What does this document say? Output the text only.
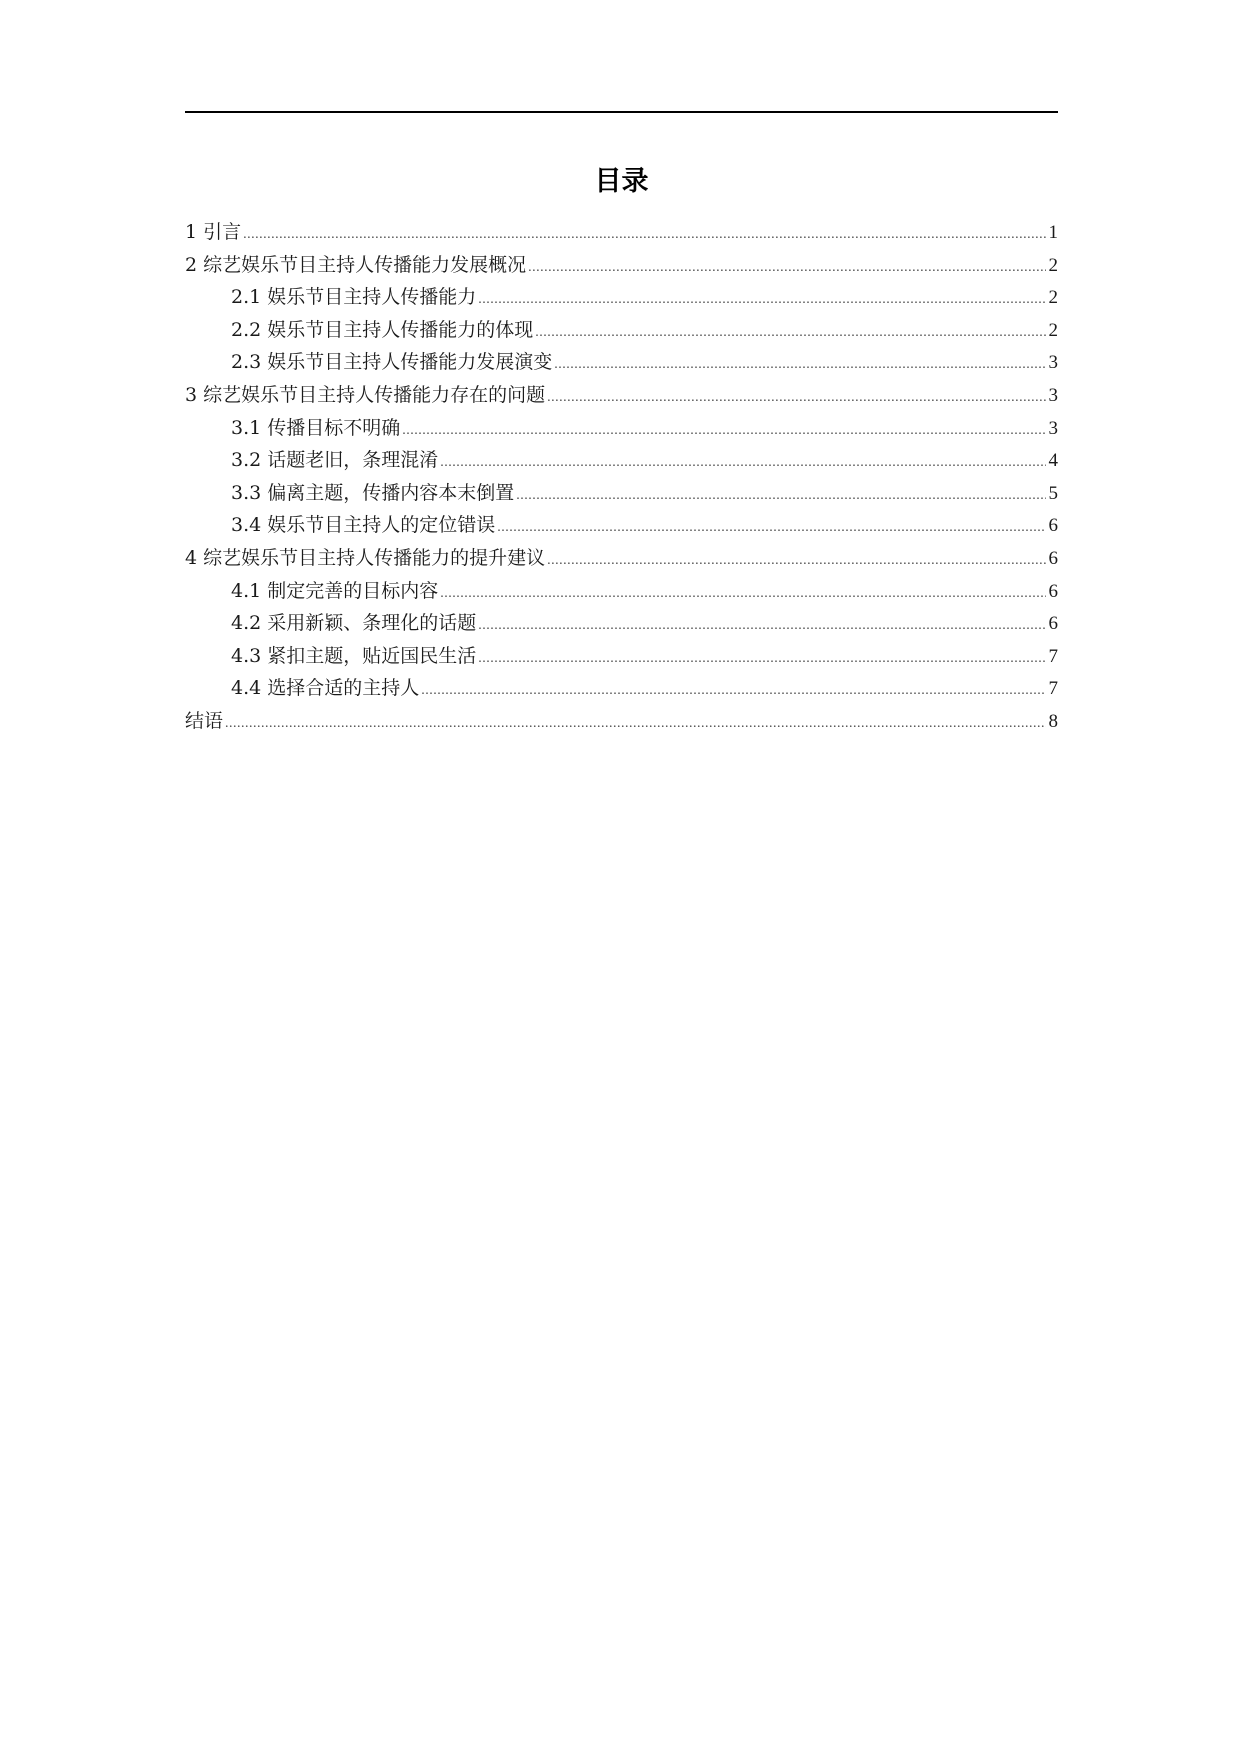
目录
1 引言 .....	1
2 综艺娱乐节目主持人传播能力发展概况 .....	2
2.1 娱乐节目主持人传播能力 .....	2
2.2 娱乐节目主持人传播能力的体现 .....	2
2.3 娱乐节目主持人传播能力发展演变 .....	3
3 综艺娱乐节目主持人传播能力存在的问题 .....	3
3.1 传播目标不明确 .....	3
3.2 话题老旧，条理混淆 .....	4
3.3 偏离主题，传播内容本末倒置 .....	5
3.4 娱乐节目主持人的定位错误 .....	6
4 综艺娱乐节目主持人传播能力的提升建议 .....	6
4.1 制定完善的目标内容 .....	6
4.2 采用新颖、条理化的话题 .....	6
4.3 紧扣主题，贴近国民生活 .....	7
4.4 选择合适的主持人 .....	7
结语 .....	8
